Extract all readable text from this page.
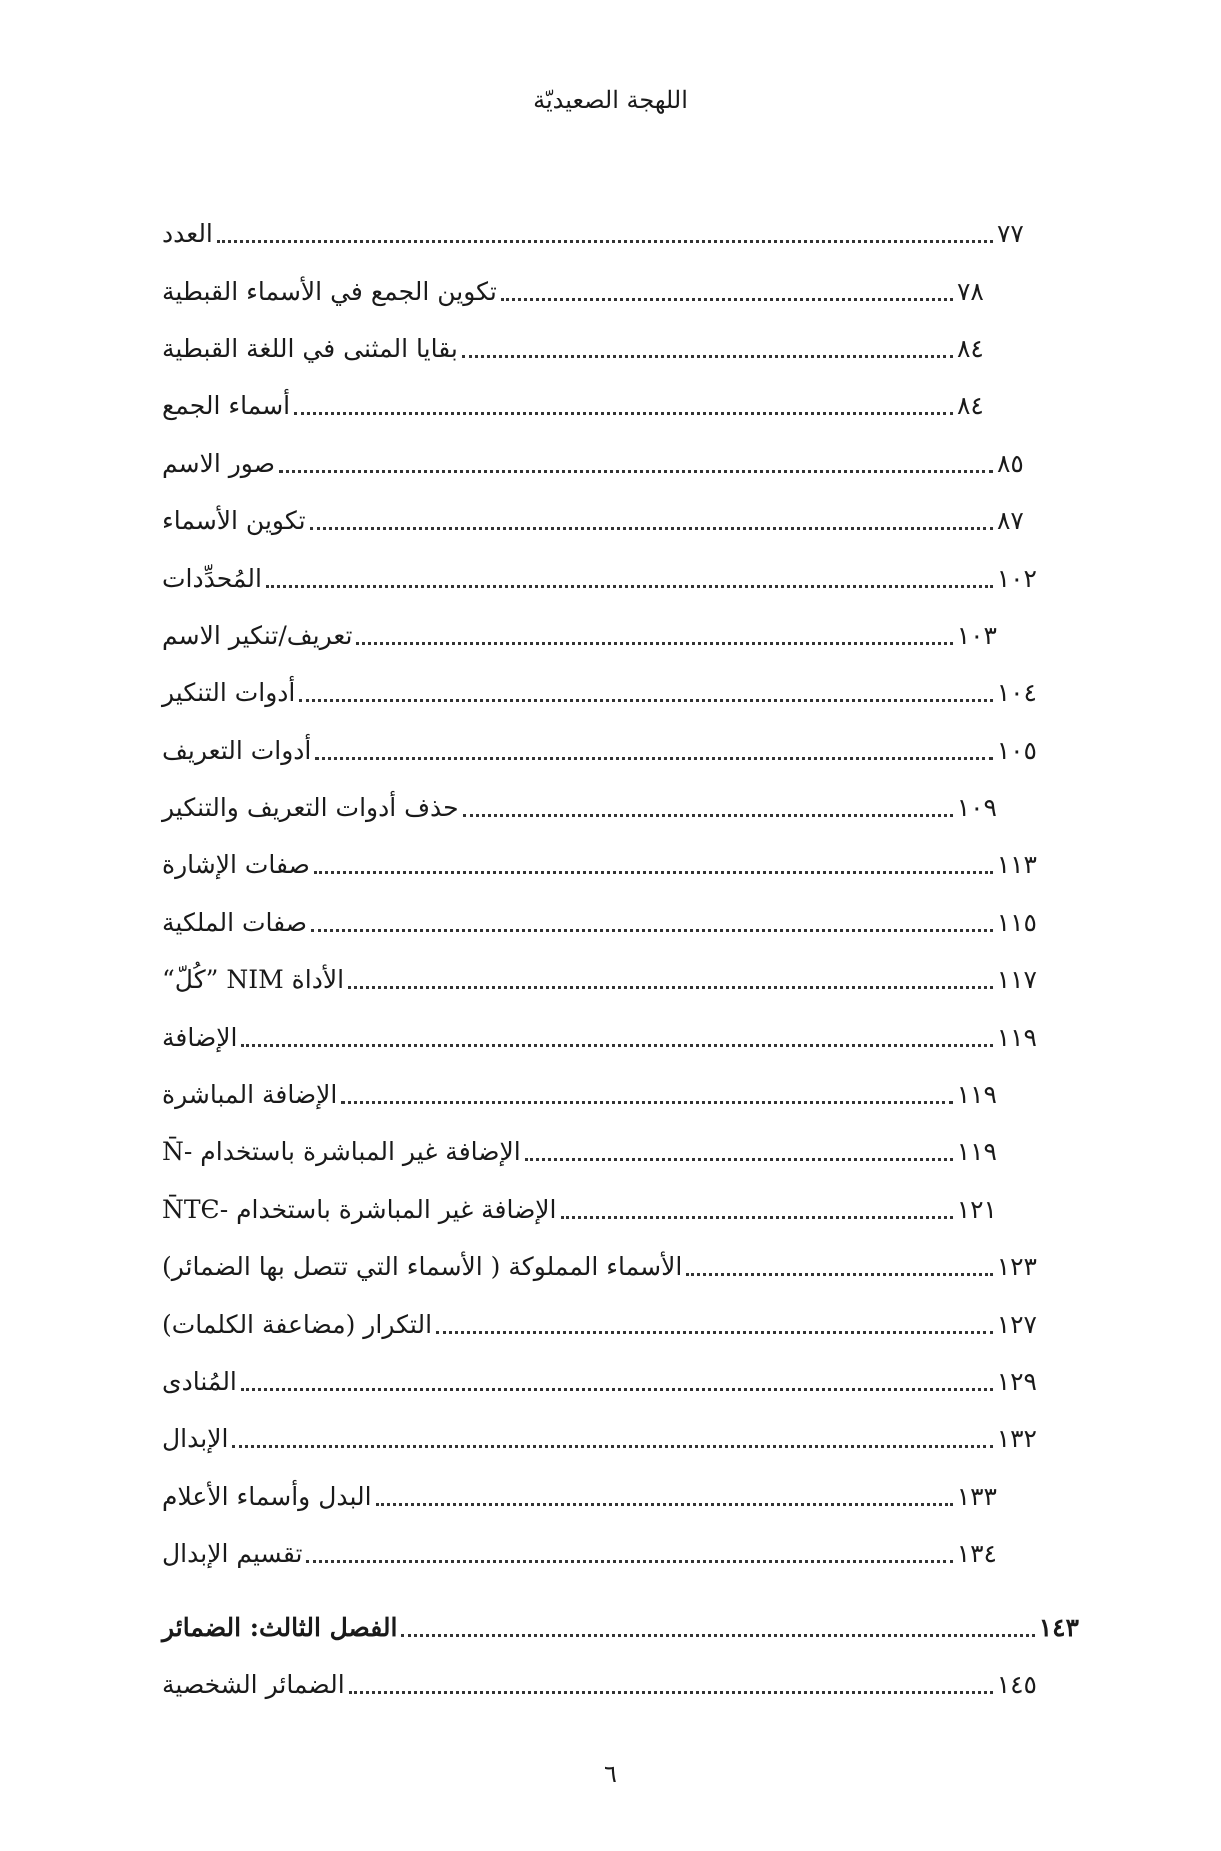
اللهجة الصعيديّة
العدد	٧٧
تكوين الجمع في الأسماء القبطية	٧٨
بقايا المثنى في اللغة القبطية	٨٤
أسماء الجمع	٨٤
صور الاسم	٨٥
تكوين الأسماء	٨٧
المُحدِّدات	١٠٢
تعريف/تنكير الاسم	١٠٣
أدوات التنكير	١٠٤
أدوات التعريف	١٠٥
حذف أدوات التعريف والتنكير	١٠٩
صفات الإشارة	١١٣
صفات الملكية	١١٥
الأداة NIM ”كُلّ“	١١٧
الإضافة	١١٩
الإضافة المباشرة	١١٩
الإضافة غير المباشرة باستخدام -N̄	١١٩
الإضافة غير المباشرة باستخدام -N̄TЄ	١٢١
الأسماء المملوكة ( الأسماء التي تتصل بها الضمائر)	١٢٣
التكرار (مضاعفة الكلمات)	١٢٧
المُنادى	١٢٩
الإبدال	١٣٢
البدل وأسماء الأعلام	١٣٣
تقسيم الإبدال	١٣٤
الفصل الثالث: الضمائر	١٤٣
الضمائر الشخصية	١٤٥
٦
